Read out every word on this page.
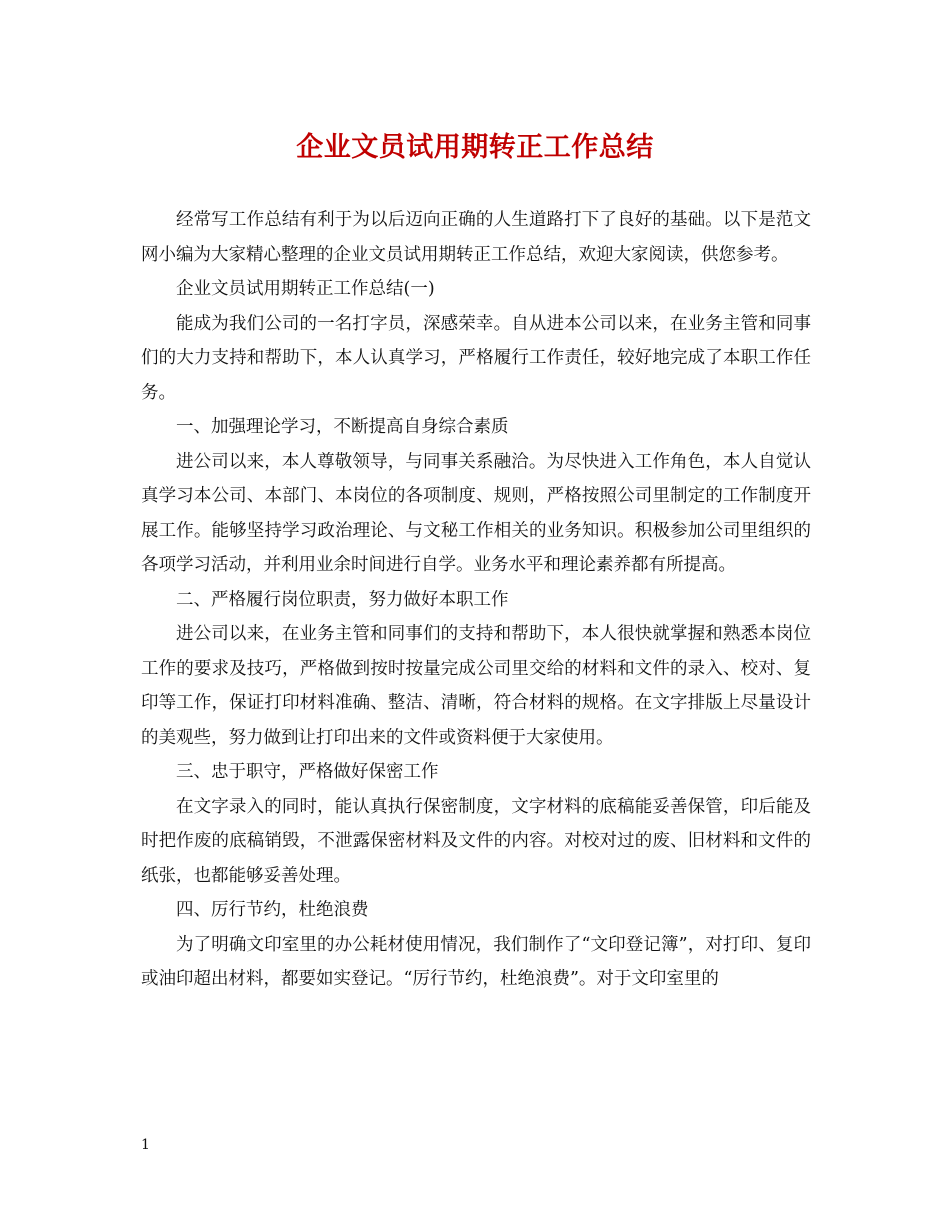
企业文员试用期转正工作总结

经常写工作总结有利于为以后迈向正确的人生道路打下了良好的基础。以下是范文网小编为大家精心整理的企业文员试用期转正工作总结，欢迎大家阅读，供您参考。

企业文员试用期转正工作总结(一)

能成为我们公司的一名打字员，深感荣幸。自从进本公司以来，在业务主管和同事们的大力支持和帮助下，本人认真学习，严格履行工作责任，较好地完成了本职工作任务。

一、加强理论学习，不断提高自身综合素质

进公司以来，本人尊敬领导，与同事关系融洽。为尽快进入工作角色，本人自觉认真学习本公司、本部门、本岗位的各项制度、规则，严格按照公司里制定的工作制度开展工作。能够坚持学习政治理论、与文秘工作相关的业务知识。积极参加公司里组织的各项学习活动，并利用业余时间进行自学。业务水平和理论素养都有所提高。

二、严格履行岗位职责，努力做好本职工作

进公司以来，在业务主管和同事们的支持和帮助下，本人很快就掌握和熟悉本岗位工作的要求及技巧，严格做到按时按量完成公司里交给的材料和文件的录入、校对、复印等工作，保证打印材料准确、整洁、清晰，符合材料的规格。在文字排版上尽量设计的美观些，努力做到让打印出来的文件或资料便于大家使用。

三、忠于职守，严格做好保密工作

在文字录入的同时，能认真执行保密制度，文字材料的底稿能妥善保管，印后能及时把作废的底稿销毁，不泄露保密材料及文件的内容。对校对过的废、旧材料和文件的纸张，也都能够妥善处理。

四、厉行节约，杜绝浪费

为了明确文印室里的办公耗材使用情况，我们制作了“文印登记簿”，对打印、复印或油印超出材料，都要如实登记。“厉行节约，杜绝浪费”。对于文印室里的

1
